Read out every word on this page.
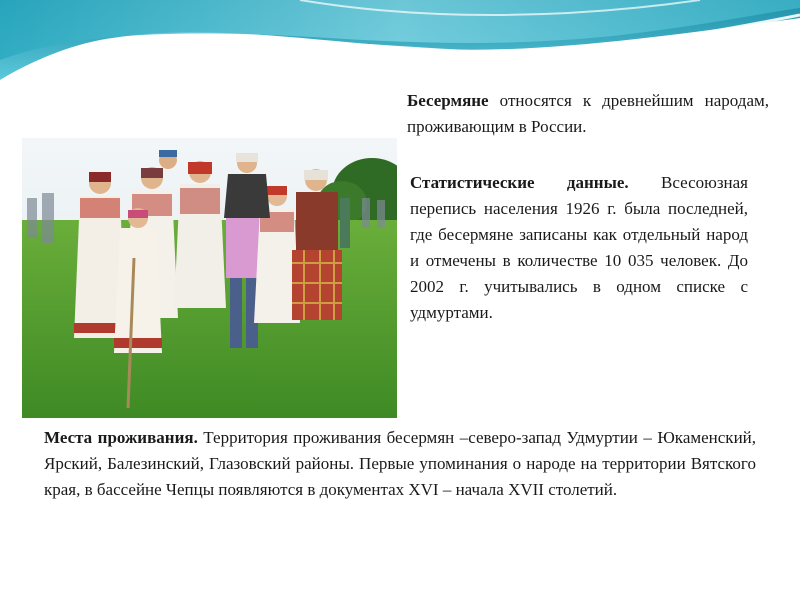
Бесермяне относятся к древнейшим народам, проживающим в России.

Статистические данные. Всесоюзная перепись населения 1926 г. была последней, где бесермяне записаны как отдельный народ и отмечены в количестве 10 035 человек. До 2002 г. учитывались в одном списке с удмуртами.

Места проживания. Территория проживания бесермян –северо-запад Удмуртии – Юкаменский, Ярский, Балезинский, Глазовский районы. Первые упоминания о народе на территории Вятского края, в бассейне Чепцы появляются в документах XVI – начала XVII столетий.
